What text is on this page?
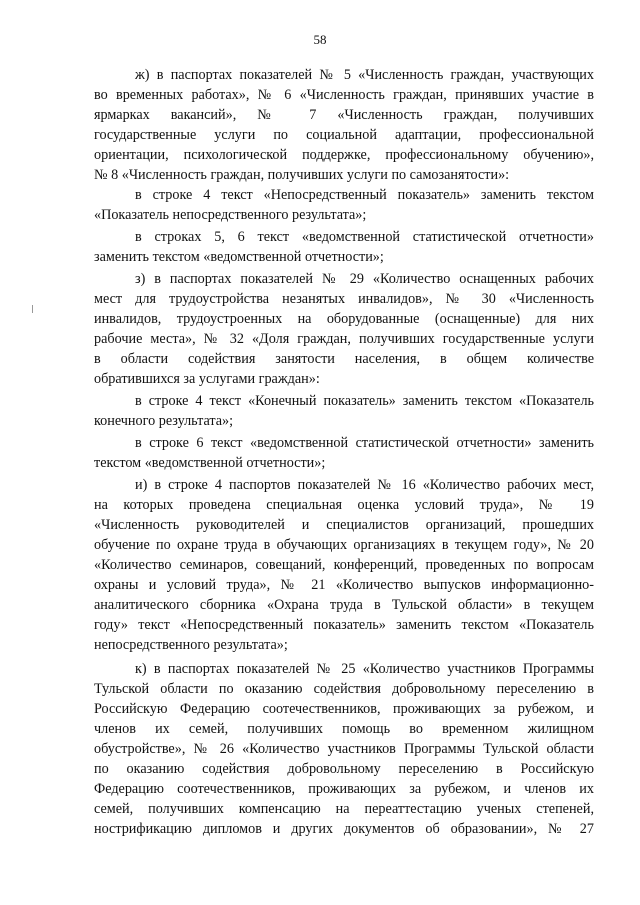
58
ж) в паспортах показателей № 5 «Численность граждан, участвующих
во временных работах», № 6 «Численность граждан, принявших участие в
ярмарках вакансий», № 7 «Численность граждан, получивших
государственные услуги по социальной адаптации, профессиональной
ориентации, психологической поддержке, профессиональному обучению»,
№ 8 «Численность граждан, получивших услуги по самозанятости»:
в строке 4 текст «Непосредственный показатель» заменить текстом
«Показатель непосредственного результата»;
в строках 5, 6 текст «ведомственной статистической отчетности»
заменить текстом «ведомственной отчетности»;
з) в паспортах показателей № 29 «Количество оснащенных рабочих
мест для трудоустройства незанятых инвалидов», № 30 «Численность
инвалидов, трудоустроенных на оборудованные (оснащенные) для них
рабочие места», № 32 «Доля граждан, получивших государственные услуги
в области содействия занятости населения, в общем количестве
обратившихся за услугами граждан»:
в строке 4 текст «Конечный показатель» заменить текстом «Показатель
конечного результата»;
в строке 6 текст «ведомственной статистической отчетности» заменить
текстом «ведомственной отчетности»;
и) в строке 4 паспортов показателей № 16 «Количество рабочих мест,
на которых проведена специальная оценка условий труда», № 19
«Численность руководителей и специалистов организаций, прошедших
обучение по охране труда в обучающих организациях в текущем году», № 20
«Количество семинаров, совещаний, конференций, проведенных по вопросам
охраны и условий труда», № 21 «Количество выпусков информационно-
аналитического сборника «Охрана труда в Тульской области» в текущем
году» текст «Непосредственный показатель» заменить текстом «Показатель
непосредственного результата»;
к) в паспортах показателей № 25 «Количество участников Программы
Тульской области по оказанию содействия добровольному переселению в
Российскую Федерацию соотечественников, проживающих за рубежом, и
членов их семей, получивших помощь во временном жилищном
обустройстве», № 26 «Количество участников Программы Тульской области
по оказанию содействия добровольному переселению в Российскую
Федерацию соотечественников, проживающих за рубежом, и членов их
семей, получивших компенсацию на переаттестацию ученых степеней,
нострификацию дипломов и других документов об образовании», № 27
